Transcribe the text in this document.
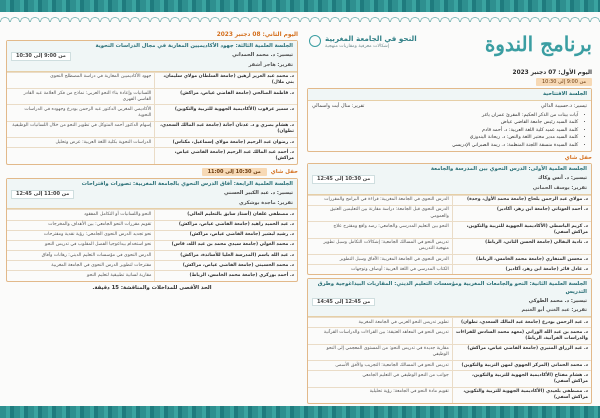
برنامج الندوة
النحو في الجامعة المغربية
إشكالات معرفية ومقاربات منهجية
اليوم الأول: 07 دجنبر 2023
من 9:00 إلى 10:30
الجلسة الافتتاحية
تيسير: د.حسيبة الدالي
تقرير: منال أيت واسمالي
• آيات بينات من الذكر الحكيم: المقرئ عمران ياغر
• كلمة السيد رئيس جامعة القاضي عياض
• كلمة السيد عميد كلية اللغة العربية: د. أحمد قادم
• كلمة السيد مدير مختبر اللغة والنص: د. ريحانة اليندوزي
• كلمة السيدة منسقة اللجنة المنظمة: د. ريمة الصبراني الإدريسي
حفل شاي
الجلسة العلمية الأولى: الدرس النحوي بين المدرسة والجامعة
تيسير: د. أنس وكاك
من 10:30 إلى 12:45
تقرير: يوسف الحماني
د. مولاي عبد الرحمن بلحاج (جامعة محمد الأول، وجدة)	الدرس النحوي في الجامعة المغربية: قراءة في البرامج والمقررات
د. أحمد العوناتي (جامعة ابن زهر، أكادير)	الدرس النحوي قبل الجامعة: دراسة مقارنة بين التعليمين العتيق والعمومي
د. كريم الباسطي (الأكاديمية الجهوية للتربية والتكوين، مراكش آسفي)	النحو بين التعليم المدرسي والجامعي: رصد واقع ومقترح علاج
د. نادية البقالي (جامعة الحسن الثاني، الرباط)	تدريس النحو في المسالك الجامعية: إشكالات التكامل وسبل تطوير منهجية التدريس
د. محسن المنقاري (جامعة محمد الخامس، الرباط)	الدرس النحوي في الجامعة المغربية: الآفاق وسبل التطوير
د. عادل فائز (جامعة ابن زهر، أكادير)	الكتاب المدرسي في اللغة العربية: أوصاف وتوجهات
الجلسة العلمية الثانية: النحو والجامعات المغربية ومؤسسات التعليم الديني: المقاربات البيداغوجية وطرق التدريس
تيسير: د. محمد الطوكي
من 12:45 إلى 14:45
تقرير: عبد الغني أبو الغنيم
د. عبد الرحمن بودرع (جامعة عبد المالك السعدي، تطوان)	تطوير تدريس النحو العربي في الجامعة المغربية
د. محمد بن عبد الله الوزاني (معهد محمد السادس للقراءات والدراسات القرآنية، الرباط)	تدريس النحو في المعاهد العتيقة: بين القراءات والدراسات القرآنية
د. عبد الرزاق المنيري (جامعة القاضي عياض، مراكش)	مقاربة جديدة في تدريس النحو: من المستوى المعجمي إلى النحو الوظيفي
د. محمد الحماني (المركز الجهوي لمهن التربية والتكوين)	تدريس النحو في المسالك الجامعية: التجريب والأفق الأسمى
د. هشام مفتاح (الأكاديمية الجهوية للتربية والتكوين، مراكش آسفي)	جوانب من النحو الوظيفي في التعليم الجامعي
د. مصطفى بلعيدي (الأكاديمية الجهوية للتربية والتكوين، مراكش آسفي)	تقويم مادة النحو في الجامعة: رؤية تحليلية
اليوم الثاني: 08 دجنبر 2023
الجلسة العلمية الثالثة: جهود الأكاديميين المغاربة في مجال الدراسات النحوية
تيسير: د. محمد الحمداني
من 9:00 إلى 10:30
تقرير: هاجر أشقر
د. محمد عبد العزيز أرهين (جامعة السلطان مولاي سليمان، بني ملال)	جهود الأكاديميين المغاربة في دراسة المصطلح النحوي
د. فاطمة الصالحي (جامعة القاضي عياض، مراكش)	اللسانيات وإعادة بناء النحو العربي: نماذج من فكر العلامة عبد القادر الفاسي الفهري
د. سمير عرقوب (الأكاديمية الجهوية للتربية والتكوين)	الأكاديمي المغربي الدكتور عبد الرحمن بودرع وجهوده في الدراسات النحوية
د. هشام بصري و د. عدنان أجانة (جامعة عبد المالك السعدي، تطوان)	إسهام الدكتور أحمد المتوكل في تطوير النحو من خلال اللسانيات الوظيفية
د. رضوان عبد الرحيم (جامعة مولاي إسماعيل، مكناس)	الدراسات النحوية بكلية اللغة العربية: عرض وتحليل
د. أحمد عبد المالك عبد الرحيم (جامعة القاضي عياض، مراكش)	
حفل شاي  من 10:30 إلى 11:00
الجلسة العلمية الرابعة: آفاق الدرس النحوي بالجامعة المغربية: تصورات واقتراحات
تيسير: د. عبد الكبير الحسني
من 11:00 إلى 12:45
تقرير: ماجدة بوشكري
د. مصطفى غلفان (أستاذ سابق بالتعليم العالي)	النحو واللسانيات أو التكامل المفقود
د. عبد الحميد زاهيد (جامعة القاضي عياض، مراكش)	تقويم مقررات النحو الجامعي: بين الأهداف والمخرجات
د. رشيد لبشير (جامعة القاضي عياض، مراكش)	نحو تجديد الدرس النحوي الجامعي: رؤية نقدية ومقترحات
د. محمد الغولي (جامعة سيدي محمد بن عبد الله، فاس)	نحو استخدام بيداغوجيا الفصل المقلوب في تدريس النحو
د. عبد الله باسم (المدرسة العليا للأساتذة، مراكش)	الدرس النحوي في مؤسسات التعليم الديني: رهانات وآفاق
د. محمد الحسيني (جامعة القاضي عياض، مراكش)	مقترحات لتطوير الدرس النحوي في الجامعة المغربية
د. أحمد بوزكري (جامعة محمد الخامس، الرباط)	مقاربة لسانية تطبيقية لتعليم النحو
الحد الأقصى للمداخلات والمناقشة: 15 دقيقة.
